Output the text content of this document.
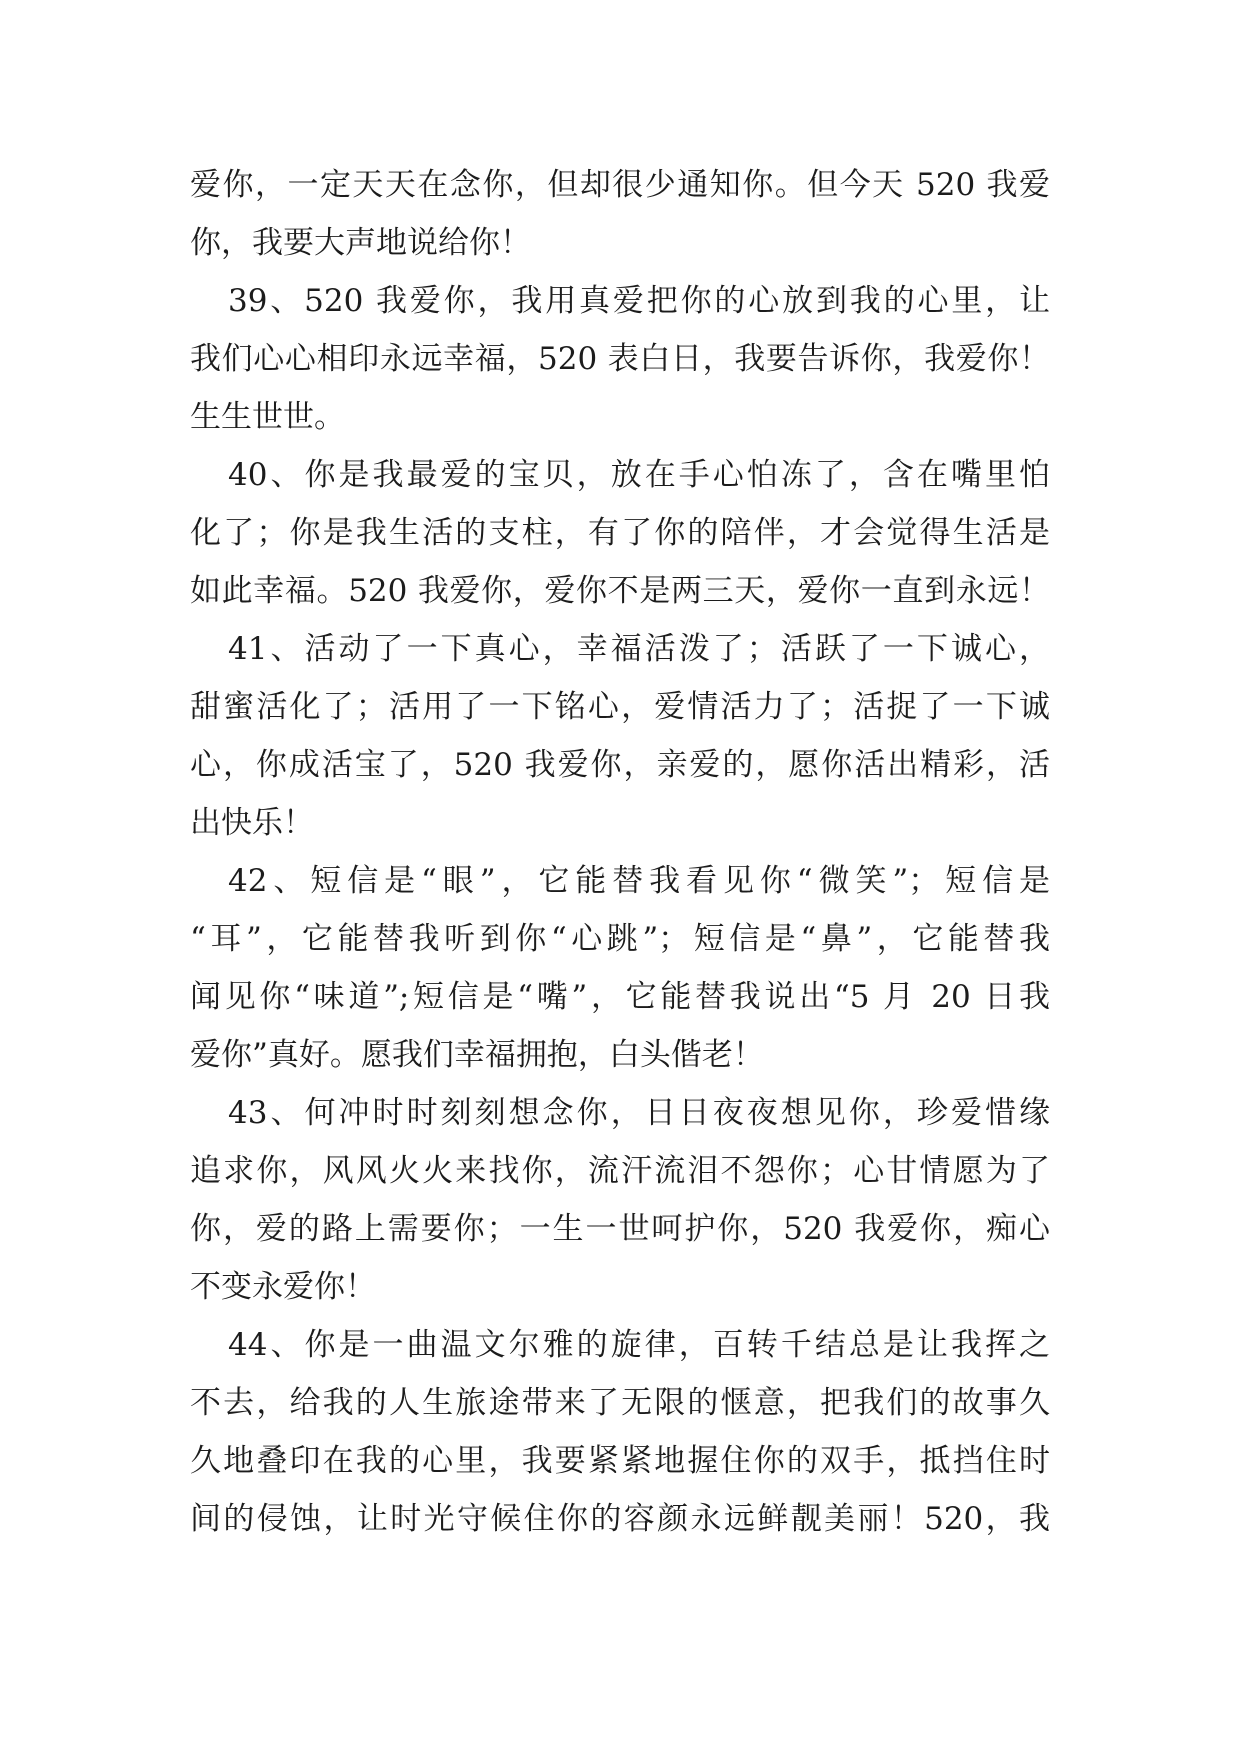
爱你，一定天天在念你，但却很少通知你。但今天 520 我爱
你，我要大声地说给你！
39、520 我爱你，我用真爱把你的心放到我的心里，让
我们心心相印永远幸福，520 表白日，我要告诉你，我爱你！
生生世世。
40、你是我最爱的宝贝，放在手心怕冻了，含在嘴里怕
化了；你是我生活的支柱，有了你的陪伴，才会觉得生活是
如此幸福。520 我爱你，爱你不是两三天，爱你一直到永远！
41、活动了一下真心，幸福活泼了；活跃了一下诚心，
甜蜜活化了；活用了一下铭心，爱情活力了；活捉了一下诚
心，你成活宝了，520 我爱你，亲爱的，愿你活出精彩，活
出快乐！
42、短信是“眼”，它能替我看见你“微笑”；短信是
“耳”，它能替我听到你“心跳”；短信是“鼻”，它能替我
闻见你“味道”;短信是“嘴”，它能替我说出“5 月 20 日我
爱你”真好。愿我们幸福拥抱，白头偕老！
43、何冲时时刻刻想念你，日日夜夜想见你，珍爱惜缘
追求你，风风火火来找你，流汗流泪不怨你；心甘情愿为了
你，爱的路上需要你；一生一世呵护你，520 我爱你，痴心
不变永爱你！
44、你是一曲温文尔雅的旋律，百转千结总是让我挥之
不去，给我的人生旅途带来了无限的惬意，把我们的故事久
久地叠印在我的心里，我要紧紧地握住你的双手，抵挡住时
间的侵蚀，让时光守候住你的容颜永远鲜靓美丽！520，我
